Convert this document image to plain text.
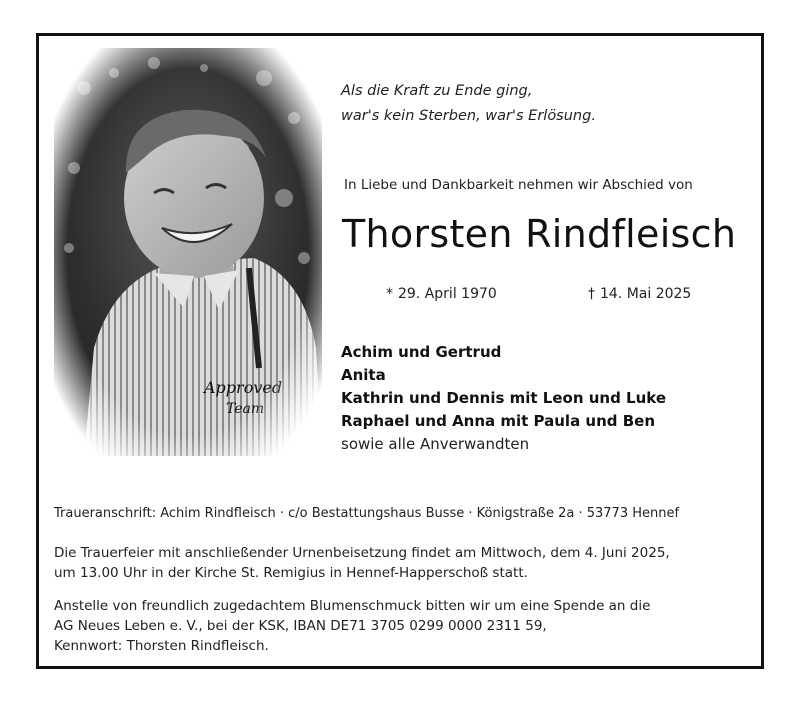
Als die Kraft zu Ende ging,
war's kein Sterben, war's Erlösung.
In Liebe und Dankbarkeit nehmen wir Abschied von
Thorsten Rindfleisch
* 29. April 1970	† 14. Mai 2025
Achim und Gertrud
Anita
Kathrin und Dennis mit Leon und Luke
Raphael und Anna mit Paula und Ben
sowie alle Anverwandten
Traueranschrift: Achim Rindfleisch · c/o Bestattungshaus Busse · Königstraße 2a · 53773 Hennef
Die Trauerfeier mit anschließender Urnenbeisetzung findet am Mittwoch, dem 4. Juni 2025,
um 13.00 Uhr in der Kirche St. Remigius in Hennef-Happerschoß statt.
Anstelle von freundlich zugedachtem Blumenschmuck bitten wir um eine Spende an die
AG Neues Leben e. V., bei der KSK, IBAN DE71 3705 0299 0000 2311 59,
Kennwort: Thorsten Rindfleisch.
